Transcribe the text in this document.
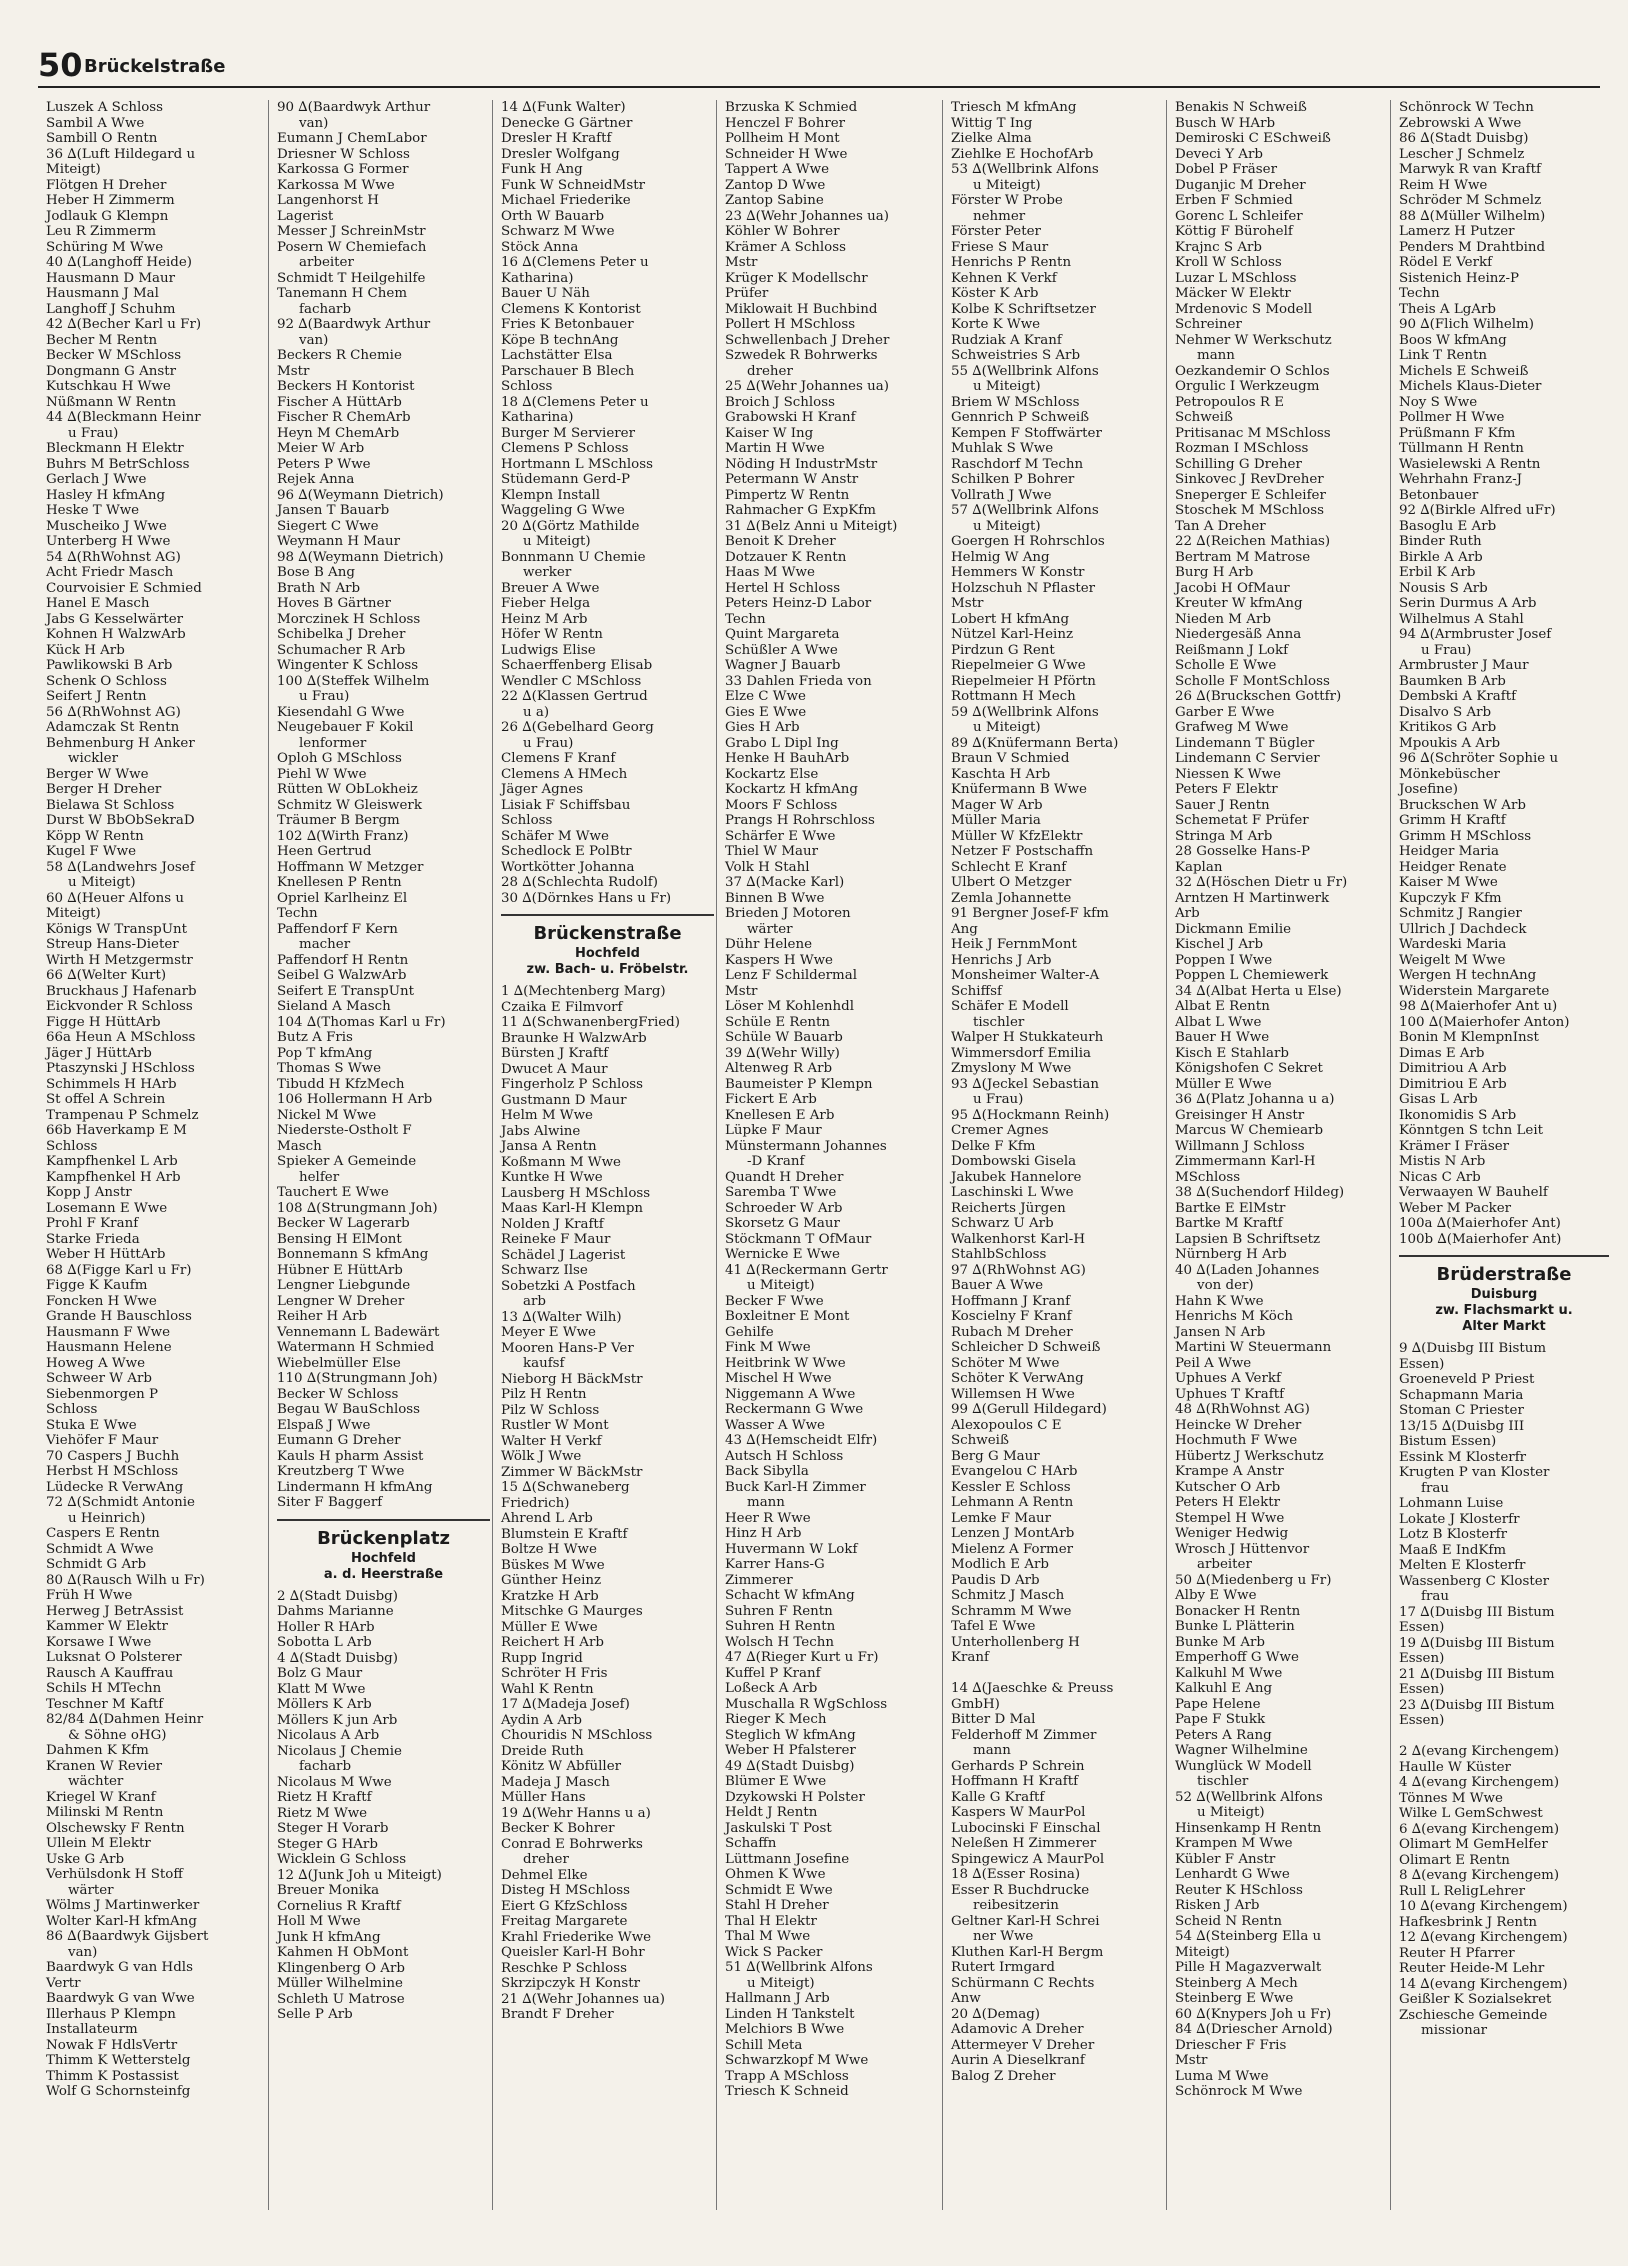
50 Brückelstraße
Luszek A Schloss
Sambil A Wwe
Sambill O Rentn
36 ∆(Luft Hildegard u
Miteigt)
Flötgen H Dreher
Heber H Zimmerm
Jodlauk G Klempn
Leu R Zimmerm
Schüring M Wwe
40 ∆(Langhoff Heide)
Hausmann D Maur
Hausmann J Mal
Langhoff J Schuhm
42 ∆(Becher Karl u Fr)
Becher M Rentn
Becker W MSchloss
Dongmann G Anstr
Kutschkau H Wwe
Nüßmann W Rentn
44 ∆(Bleckmann Heinr
u Frau)
Bleckmann H Elektr
Buhrs M BetrSchloss
Gerlach J Wwe
Hasley H kfmAng
Heske T Wwe
Muscheiko J Wwe
Unterberg H Wwe
54 ∆(RhWohnst AG)
Acht Friedr Masch
Courvoisier E Schmied
Hanel E Masch
Jabs G Kesselwärter
Kohnen H WalzwArb
Kück H Arb
Pawlikowski B Arb
Schenk O Schloss
Seifert J Rentn
56 ∆(RhWohnst AG)
Adamczak St Rentn
Behmenburg H Anker
wickler
Berger W Wwe
Berger H Dreher
Bielawa St Schloss
Durst W BbObSekraD
Köpp W Rentn
Kugel F Wwe
58 ∆(Landwehrs Josef
u Miteigt)
60 ∆(Heuer Alfons u
Miteigt)
Königs W TranspUnt
Streup Hans-Dieter
Wirth H Metzgermstr
66 ∆(Welter Kurt)
Bruckhaus J Hafenarb
Eickvonder R Schloss
Figge H HüttArb
66a Heun A MSchloss
Jäger J HüttArb
Ptaszynski J HSchloss
Schimmels H HArb
St offel A Schrein
Trampenau P Schmelz
66b Haverkamp E M
Schloss
Kampfhenkel L Arb
Kampfhenkel H Arb
Kopp J Anstr
Losemann E Wwe
Prohl F Kranf
Starke Frieda
Weber H HüttArb
68 ∆(Figge Karl u Fr)
Figge K Kaufm
Foncken H Wwe
Grande H Bauschloss
Hausmann F Wwe
Hausmann Helene
Howeg A Wwe
Schweer W Arb
Siebenmorgen P
Schloss
Stuka E Wwe
Viehöfer F Maur
70 Caspers J Buchh
Herbst H MSchloss
Lüdecke R VerwAng
72 ∆(Schmidt Antonie
u Heinrich)
Caspers E Rentn
Schmidt A Wwe
Schmidt G Arb
80 ∆(Rausch Wilh u Fr)
Früh H Wwe
Herweg J BetrAssist
Kammer W Elektr
Korsawe I Wwe
Luksnat O Polsterer
Rausch A Kauffrau
Schils H MTechn
Teschner M Kaftf
82/84 ∆(Dahmen Heinr
& Söhne oHG)
Dahmen K Kfm
Kranen W Revier
wächter
Kriegel W Kranf
Milinski M Rentn
Olschewsky F Rentn
Ullein M Elektr
Uske G Arb
Verhülsdonk H Stoff
wärter
Wölms J Martinwerker
Wolter Karl-H kfmAng
86 ∆(Baardwyk Gijsbert
van)
Baardwyk G van Hdls
Vertr
Baardwyk G van Wwe
Illerhaus P Klempn
Installateurm
Nowak F HdlsVertr
Thimm K Wetterstelg
Thimm K Postassist
Wolf G Schornsteinfg
90 ∆(Baardwyk Arthur
van)
Eumann J ChemLabor
Driesner W Schloss
Karkossa G Former
Karkossa M Wwe
Langenhorst H
Lagerist
Messer J SchreinMstr
Posern W Chemiefach
arbeiter
Schmidt T Heilgehilfe
Tanemann H Chem
facharb
92 ∆(Baardwyk Arthur
van)
Beckers R Chemie
Mstr
Beckers H Kontorist
Fischer A HüttArb
Fischer R ChemArb
Heyn M ChemArb
Meier W Arb
Peters P Wwe
Rejek Anna
96 ∆(Weymann Dietrich)
Jansen T Bauarb
Siegert C Wwe
Weymann H Maur
98 ∆(Weymann Dietrich)
Bose B Ang
Brath N Arb
Hoves B Gärtner
Morczinek H Schloss
Schibelka J Dreher
Schumacher R Arb
Wingenter K Schloss
100 ∆(Steffek Wilhelm
u Frau)
Kiesendahl G Wwe
Neugebauer F Kokil
lenformer
Oploh G MSchloss
Piehl W Wwe
Rütten W ObLokheiz
Schmitz W Gleiswerk
Träumer B Bergm
102 ∆(Wirth Franz)
Heen Gertrud
Hoffmann W Metzger
Knellesen P Rentn
Opriel Karlheinz El
Techn
Paffendorf F Kern
macher
Paffendorf H Rentn
Seibel G WalzwArb
Seifert E TranspUnt
Sieland A Masch
104 ∆(Thomas Karl u Fr)
Butz A Fris
Pop T kfmAng
Thomas S Wwe
Tibudd H KfzMech
106 Hollermann H Arb
Nickel M Wwe
Niederste-Ostholt F
Masch
Spieker A Gemeinde
helfer
Tauchert E Wwe
108 ∆(Strungmann Joh)
Becker W Lagerarb
Bensing H ElMont
Bonnemann S kfmAng
Hübner E HüttArb
Lengner Liebgunde
Lengner W Dreher
Reiher H Arb
Vennemann L Badewärt
Watermann H Schmied
Wiebelmüller Else
110 ∆(Strungmann Joh)
Becker W Schloss
Begau W BauSchloss
Elspaß J Wwe
Eumann G Dreher
Kauls H pharm Assist
Kreutzberg T Wwe
Lindermann H kfmAng
Siter F Baggerf
Brückenplatz
Hochfeld
a. d. Heerstraße
2 ∆(Stadt Duisbg)
Dahms Marianne
Holler R HArb
Sobotta L Arb
4 ∆(Stadt Duisbg)
Bolz G Maur
Klatt M Wwe
Möllers K Arb
Möllers K jun Arb
Nicolaus A Arb
Nicolaus J Chemie
facharb
Nicolaus M Wwe
Rietz H Kraftf
Rietz M Wwe
Steger H Vorarb
Steger G HArb
Wicklein G Schloss
12 ∆(Junk Joh u Miteigt)
Breuer Monika
Cornelius R Kraftf
Holl M Wwe
Junk H kfmAng
Kahmen H ObMont
Klingenberg O Arb
Müller Wilhelmine
Schleth U Matrose
Selle P Arb
14 ∆(Funk Walter)
Denecke G Gärtner
Dresler H Kraftf
Dresler Wolfgang
Funk H Ang
Funk W SchneidMstr
Michael Friederike
Orth W Bauarb
Schwarz M Wwe
Stöck Anna
16 ∆(Clemens Peter u
Katharina)
Bauer U Näh
Clemens K Kontorist
Fries K Betonbauer
Köpe B technAng
Lachstätter Elsa
Parschauer B Blech
Schloss
18 ∆(Clemens Peter u
Katharina)
Burger M Servierer
Clemens P Schloss
Hortmann L MSchloss
Stüdemann Gerd-P
Klempn Install
Waggeling G Wwe
20 ∆(Görtz Mathilde
u Miteigt)
Bonnmann U Chemie
werker
Breuer A Wwe
Fieber Helga
Heinz M Arb
Höfer W Rentn
Ludwigs Elise
Schaerffenberg Elisab
Wendler C MSchloss
22 ∆(Klassen Gertrud
u a)
26 ∆(Gebelhard Georg
u Frau)
Clemens F Kranf
Clemens A HMech
Jäger Agnes
Lisiak F Schiffsbau
Schloss
Schäfer M Wwe
Schedlock E PolBtr
Wortkötter Johanna
28 ∆(Schlechta Rudolf)
30 ∆(Dörnkes Hans u Fr)
Brückenstraße
Hochfeld
zw. Bach- u. Fröbelstr.
1 ∆(Mechtenberg Marg)
Czaika E Filmvorf
11 ∆(SchwanenbergFried)
Braunke H WalzwArb
Bürsten J Kraftf
Dwucet A Maur
Fingerholz P Schloss
Gustmann D Maur
Helm M Wwe
Jabs Alwine
Jansa A Rentn
Koßmann M Wwe
Kuntke H Wwe
Lausberg H MSchloss
Maas Karl-H Klempn
Nolden J Kraftf
Reineke F Maur
Schädel J Lagerist
Schwarz Ilse
Sobetzki A Postfach
arb
13 ∆(Walter Wilh)
Meyer E Wwe
Mooren Hans-P Ver
kaufsf
Nieborg H BäckMstr
Pilz H Rentn
Pilz W Schloss
Rustler W Mont
Walter H Verkf
Wölk J Wwe
Zimmer W BäckMstr
15 ∆(Schwaneberg
Friedrich)
Ahrend L Arb
Blumstein E Kraftf
Boltze H Wwe
Büskes M Wwe
Günther Heinz
Kratzke H Arb
Mitschke G Maurges
Müller E Wwe
Reichert H Arb
Rupp Ingrid
Schröter H Fris
Wahl K Rentn
17 ∆(Madeja Josef)
Aydin A Arb
Chouridis N MSchloss
Dreide Ruth
Könitz W Abfüller
Madeja J Masch
Müller Hans
19 ∆(Wehr Hanns u a)
Becker K Bohrer
Conrad E Bohrwerks
dreher
Dehmel Elke
Disteg H MSchloss
Eiert G KfzSchloss
Freitag Margarete
Krahl Friederike Wwe
Queisler Karl-H Bohr
Reschke P Schloss
Skrzipczyk H Konstr
21 ∆(Wehr Johannes ua)
Brandt F Dreher
Brzuska K Schmied
Henczel F Bohrer
Pollheim H Mont
Schneider H Wwe
Tappert A Wwe
Zantop D Wwe
Zantop Sabine
23 ∆(Wehr Johannes ua)
Köhler W Bohrer
Krämer A Schloss
Mstr
Krüger K Modellschr
Prüfer
Miklowait H Buchbind
Pollert H MSchloss
Schwellenbach J Dreher
Szwedek R Bohrwerks
dreher
25 ∆(Wehr Johannes ua)
Broich J Schloss
Grabowski H Kranf
Kaiser W Ing
Martin H Wwe
Nöding H IndustrMstr
Petermann W Anstr
Pimpertz W Rentn
Rahmacher G ExpKfm
31 ∆(Belz Anni u Miteigt)
Benoit K Dreher
Dotzauer K Rentn
Haas M Wwe
Hertel H Schloss
Peters Heinz-D Labor
Techn
Quint Margareta
Schüßler A Wwe
Wagner J Bauarb
33 Dahlen Frieda von
Elze C Wwe
Gies E Wwe
Gies H Arb
Grabo L Dipl Ing
Henke H BauhArb
Kockartz Else
Kockartz H kfmAng
Moors F Schloss
Prangs H Rohrschloss
Schärfer E Wwe
Thiel W Maur
Volk H Stahl
37 ∆(Macke Karl)
Binnen B Wwe
Brieden J Motoren
wärter
Dühr Helene
Kaspers H Wwe
Lenz F Schildermal
Mstr
Löser M Kohlenhdl
Schüle E Rentn
Schüle W Bauarb
39 ∆(Wehr Willy)
Altenweg R Arb
Baumeister P Klempn
Fickert E Arb
Knellesen E Arb
Lüpke F Maur
Münstermann Johannes
-D Kranf
Quandt H Dreher
Saremba T Wwe
Schroeder W Arb
Skorsetz G Maur
Stöckmann T OfMaur
Wernicke E Wwe
41 ∆(Reckermann Gertr
u Miteigt)
Becker F Wwe
Boxleitner E Mont
Gehilfe
Fink M Wwe
Heitbrink W Wwe
Mischel H Wwe
Niggemann A Wwe
Reckermann G Wwe
Wasser A Wwe
43 ∆(Hemscheidt Elfr)
Autsch H Schloss
Back Sibylla
Buck Karl-H Zimmer
mann
Heer R Wwe
Hinz H Arb
Huvermann W Lokf
Karrer Hans-G
Zimmerer
Schacht W kfmAng
Suhren F Rentn
Suhren H Rentn
Wolsch H Techn
47 ∆(Rieger Kurt u Fr)
Kuffel P Kranf
Loßeck A Arb
Muschalla R WgSchloss
Rieger K Mech
Steglich W kfmAng
Weber H Pfalsterer
49 ∆(Stadt Duisbg)
Blümer E Wwe
Dzykowski H Polster
Heldt J Rentn
Jaskulski T Post
Schaffn
Lüttmann Josefine
Ohmen K Wwe
Schmidt E Wwe
Stahl H Dreher
Thal H Elektr
Thal M Wwe
Wick S Packer
51 ∆(Wellbrink Alfons
u Miteigt)
Hallmann J Arb
Linden H Tankstelt
Melchiors B Wwe
Schill Meta
Schwarzkopf M Wwe
Trapp A MSchloss
Triesch K Schneid
Triesch M kfmAng
Wittig T Ing
Zielke Alma
Ziehlke E HochofArb
53 ∆(Wellbrink Alfons
u Miteigt)
Förster W Probe
nehmer
Förster Peter
Friese S Maur
Henrichs P Rentn
Kehnen K Verkf
Köster K Arb
Kolbe K Schriftsetzer
Korte K Wwe
Rudziak A Kranf
Schweistries S Arb
55 ∆(Wellbrink Alfons
u Miteigt)
Briem W MSchloss
Gennrich P Schweiß
Kempen F Stoffwärter
Muhlak S Wwe
Raschdorf M Techn
Schilken P Bohrer
Vollrath J Wwe
57 ∆(Wellbrink Alfons
u Miteigt)
Goergen H Rohrschlos
Helmig W Ang
Hemmers W Konstr
Holzschuh N Pflaster
Mstr
Lobert H kfmAng
Nützel Karl-Heinz
Pirdzun G Rent
Riepelmeier G Wwe
Riepelmeier H Pförtn
Rottmann H Mech
59 ∆(Wellbrink Alfons
u Miteigt)
89 ∆(Knüfermann Berta)
Braun V Schmied
Kaschta H Arb
Knüfermann B Wwe
Mager W Arb
Müller Maria
Müller W KfzElektr
Netzer F Postschaffn
Schlecht E Kranf
Ulbert O Metzger
Zemla Johannette
91 Bergner Josef-F kfm
Ang
Heik J FernmMont
Henrichs J Arb
Monsheimer Walter-A
Schiffsf
Schäfer E Modell
tischler
Walper H Stukkateurh
Wimmersdorf Emilia
Zmyslony M Wwe
93 ∆(Jeckel Sebastian
u Frau)
95 ∆(Hockmann Reinh)
Cremer Agnes
Delke F Kfm
Dombowski Gisela
Jakubek Hannelore
Laschinski L Wwe
Reicherts Jürgen
Schwarz U Arb
Walkenhorst Karl-H
StahlbSchloss
97 ∆(RhWohnst AG)
Bauer A Wwe
Hoffmann J Kranf
Koscielny F Kranf
Rubach M Dreher
Schleicher D Schweiß
Schöter M Wwe
Schöter K VerwAng
Willemsen H Wwe
99 ∆(Gerull Hildegard)
Alexopoulos C E
Schweiß
Berg G Maur
Evangelou C HArb
Kessler E Schloss
Lehmann A Rentn
Lemke F Maur
Lenzen J MontArb
Mielenz A Former
Modlich E Arb
Paudis D Arb
Schmitz J Masch
Schramm M Wwe
Tafel E Wwe
Unterhollenberg H
Kranf
14 ∆(Jaeschke & Preuss
GmbH)
Bitter D Mal
Felderhoff M Zimmer
mann
Gerhards P Schrein
Hoffmann H Kraftf
Kalle G Kraftf
Kaspers W MaurPol
Lubocinski F Einschal
Neleßen H Zimmerer
Spingewicz A MaurPol
18 ∆(Esser Rosina)
Esser R Buchdrucke
reibesitzerin
Geltner Karl-H Schrei
ner Wwe
Kluthen Karl-H Bergm
Rutert Irmgard
Schürmann C Rechts
Anw
20 ∆(Demag)
Adamovic A Dreher
Attermeyer V Dreher
Aurin A Dieselkranf
Balog Z Dreher
Benakis N Schweiß
Busch W HArb
Demiroski C ESchweiß
Deveci Y Arb
Dobel P Fräser
Duganjic M Dreher
Erben F Schmied
Gorenc L Schleifer
Köttig F Bürohelf
Krajnc S Arb
Kroll W Schloss
Luzar L MSchloss
Mäcker W Elektr
Mrdenovic S Modell
Schreiner
Nehmer W Werkschutz
mann
Oezkandemir O Schlos
Orgulic I Werkzeugm
Petropoulos R E
Schweiß
Pritisanac M MSchloss
Rozman I MSchloss
Schilling G Dreher
Sinkovec J RevDreher
Sneperger E Schleifer
Stoschek M MSchloss
Tan A Dreher
22 ∆(Reichen Mathias)
Bertram M Matrose
Burg H Arb
Jacobi H OfMaur
Kreuter W kfmAng
Nieden M Arb
Niedergesäß Anna
Reißmann J Lokf
Scholle E Wwe
Scholle F MontSchloss
26 ∆(Bruckschen Gottfr)
Garber E Wwe
Grafweg M Wwe
Lindemann T Bügler
Lindemann C Servier
Niessen K Wwe
Peters F Elektr
Sauer J Rentn
Schemetat F Prüfer
Stringa M Arb
28 Gosselke Hans-P
Kaplan
32 ∆(Höschen Dietr u Fr)
Arntzen H Martinwerk
Arb
Dickmann Emilie
Kischel J Arb
Poppen I Wwe
Poppen L Chemiewerk
34 ∆(Albat Herta u Else)
Albat E Rentn
Albat L Wwe
Bauer H Wwe
Kisch E Stahlarb
Königshofen C Sekret
Müller E Wwe
36 ∆(Platz Johanna u a)
Greisinger H Anstr
Marcus W Chemiearb
Willmann J Schloss
Zimmermann Karl-H
MSchloss
38 ∆(Suchendorf Hildeg)
Bartke E ElMstr
Bartke M Kraftf
Lapsien B Schriftsetz
Nürnberg H Arb
40 ∆(Laden Johannes
von der)
Hahn K Wwe
Henrichs M Köch
Jansen N Arb
Martini W Steuermann
Peil A Wwe
Uphues A Verkf
Uphues T Kraftf
48 ∆(RhWohnst AG)
Heincke W Dreher
Hochmuth F Wwe
Hübertz J Werkschutz
Krampe A Anstr
Kutscher O Arb
Peters H Elektr
Stempel H Wwe
Weniger Hedwig
Wrosch J Hüttenvor
arbeiter
50 ∆(Miedenberg u Fr)
Alby E Wwe
Bonacker H Rentn
Bunke L Plätterin
Bunke M Arb
Emperhoff G Wwe
Kalkuhl M Wwe
Kalkuhl E Ang
Pape Helene
Pape F Stukk
Peters A Rang
Wagner Wilhelmine
Wunglück W Modell
tischler
52 ∆(Wellbrink Alfons
u Miteigt)
Hinsenkamp H Rentn
Krampen M Wwe
Kübler F Anstr
Lenhardt G Wwe
Reuter K HSchloss
Risken J Arb
Scheid N Rentn
54 ∆(Steinberg Ella u
Miteigt)
Pille H Magazverwalt
Steinberg A Mech
Steinberg E Wwe
60 ∆(Knypers Joh u Fr)
84 ∆(Driescher Arnold)
Driescher F Fris
Mstr
Luma M Wwe
Schönrock M Wwe
Schönrock W Techn
Zebrowski A Wwe
86 ∆(Stadt Duisbg)
Lescher J Schmelz
Marwyk R van Kraftf
Reim H Wwe
Schröder M Schmelz
88 ∆(Müller Wilhelm)
Lamerz H Putzer
Penders M Drahtbind
Rödel E Verkf
Sistenich Heinz-P
Techn
Theis A LgArb
90 ∆(Flich Wilhelm)
Boos W kfmAng
Link T Rentn
Michels E Schweiß
Michels Klaus-Dieter
Noy S Wwe
Pollmer H Wwe
Prüßmann F Kfm
Tüllmann H Rentn
Wasielewski A Rentn
Wehrhahn Franz-J
Betonbauer
92 ∆(Birkle Alfred uFr)
Basoglu E Arb
Binder Ruth
Birkle A Arb
Erbil K Arb
Nousis S Arb
Serin Durmus A Arb
Wilhelmus A Stahl
94 ∆(Armbruster Josef
u Frau)
Armbruster J Maur
Baumken B Arb
Dembski A Kraftf
Disalvo S Arb
Kritikos G Arb
Mpoukis A Arb
96 ∆(Schröter Sophie u
Mönkebüscher
Josefine)
Bruckschen W Arb
Grimm H Kraftf
Grimm H MSchloss
Heidger Maria
Heidger Renate
Kaiser M Wwe
Kupczyk F Kfm
Schmitz J Rangier
Ullrich J Dachdeck
Wardeski Maria
Weigelt M Wwe
Wergen H technAng
Widerstein Margarete
98 ∆(Maierhofer Ant u)
100 ∆(Maierhofer Anton)
Bonin M KlempnInst
Dimas E Arb
Dimitriou A Arb
Dimitriou E Arb
Gisas L Arb
Ikonomidis S Arb
Könntgen S tchn Leit
Krämer I Fräser
Mistis N Arb
Nicas C Arb
Verwaayen W Bauhelf
Weber M Packer
100a ∆(Maierhofer Ant)
100b ∆(Maierhofer Ant)
Brüderstraße
Duisburg
zw. Flachsmarkt u.
Alter Markt
9 ∆(Duisbg III Bistum
Essen)
Groeneveld P Priest
Schapmann Maria
Stoman C Priester
13/15 ∆(Duisbg III
Bistum Essen)
Essink M Klosterfr
Krugten P van Kloster
frau
Lohmann Luise
Lokate J Klosterfr
Lotz B Klosterfr
Maaß E IndKfm
Melten E Klosterfr
Wassenberg C Kloster
frau
17 ∆(Duisbg III Bistum
Essen)
19 ∆(Duisbg III Bistum
Essen)
21 ∆(Duisbg III Bistum
Essen)
23 ∆(Duisbg III Bistum
Essen)
2 ∆(evang Kirchengem)
Haulle W Küster
4 ∆(evang Kirchengem)
Tönnes M Wwe
Wilke L GemSchwest
6 ∆(evang Kirchengem)
Olimart M GemHelfer
Olimart E Rentn
8 ∆(evang Kirchengem)
Rull L ReligLehrer
10 ∆(evang Kirchengem)
Hafkesbrink J Rentn
12 ∆(evang Kirchengem)
Reuter H Pfarrer
Reuter Heide-M Lehr
14 ∆(evang Kirchengem)
Geißler K Sozialsekret
Zschiesche Gemeinde
missionar
